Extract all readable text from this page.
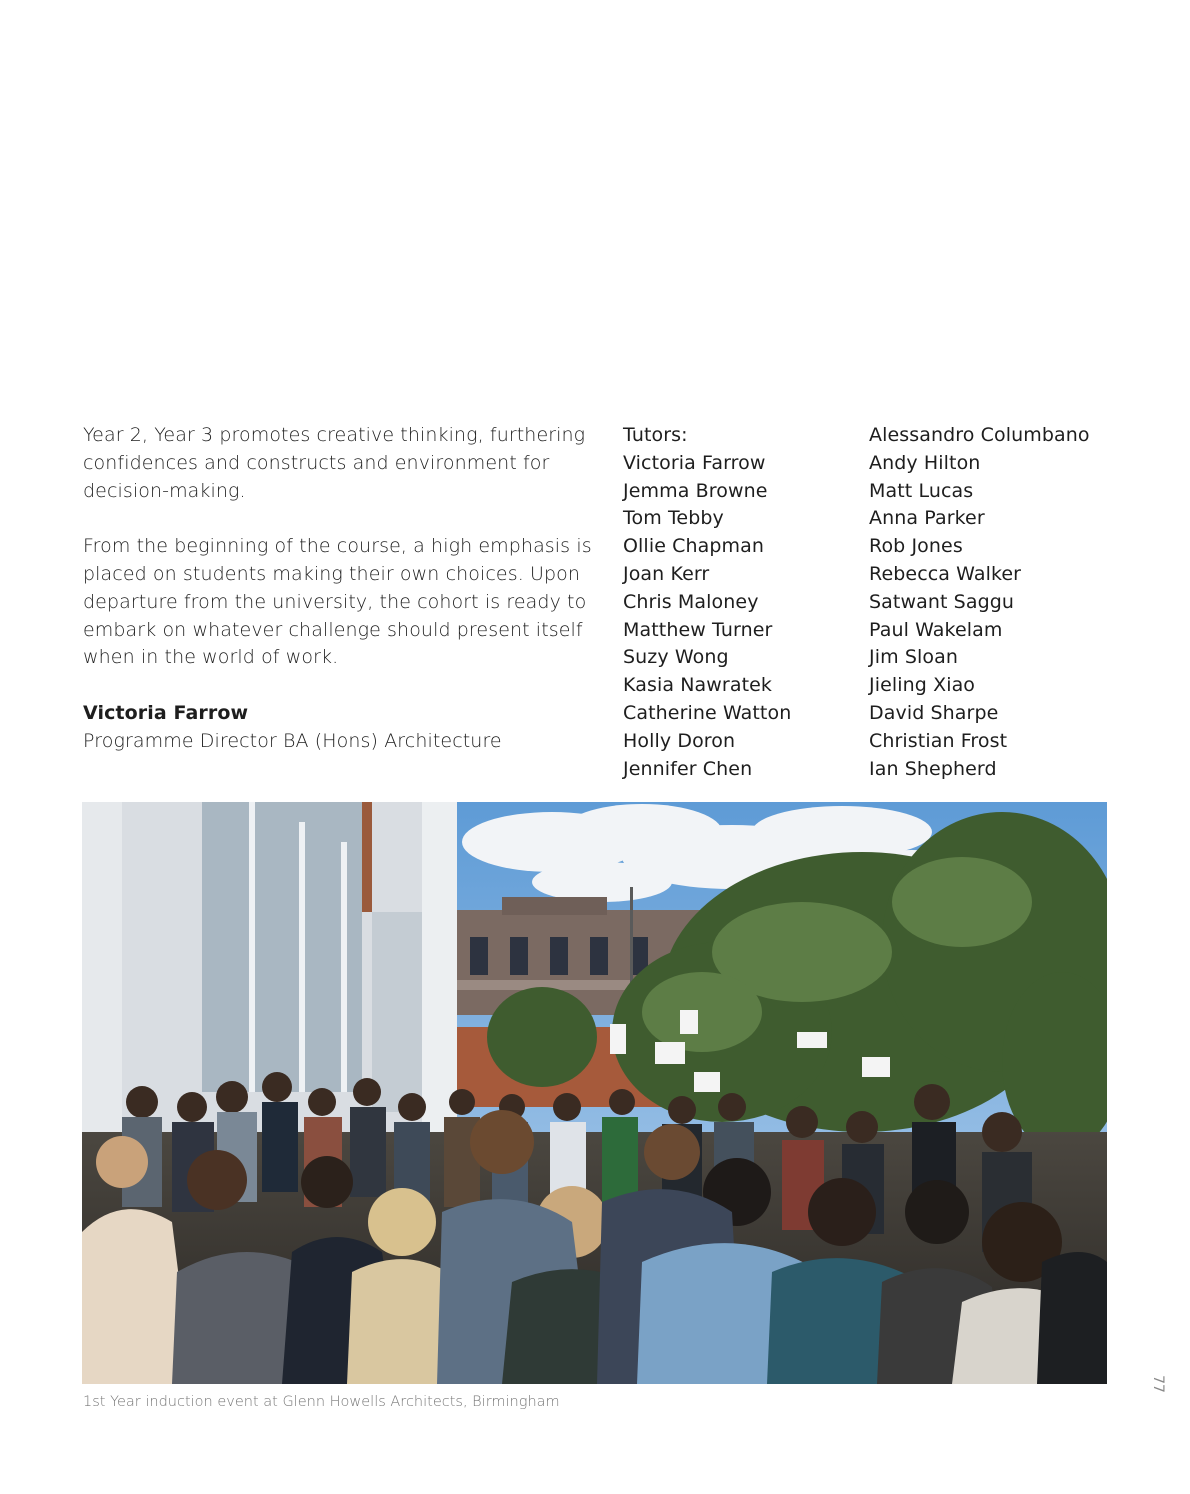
Year 2, Year 3 promotes creative thinking, furthering confidences and constructs and environment for decision-making.

From the beginning of the course, a high emphasis is placed on students making their own choices. Upon departure from the university, the cohort is ready to embark on whatever challenge should present itself when in the world of work.

Victoria Farrow
Programme Director BA (Hons) Architecture
Tutors:
Victoria Farrow
Jemma Browne
Tom Tebby
Ollie Chapman
Joan Kerr
Chris Maloney
Matthew Turner
Suzy Wong
Kasia Nawratek
Catherine Watton
Holly Doron
Jennifer Chen
Alessandro Columbano
Andy Hilton
Matt Lucas
Anna Parker
Rob Jones
Rebecca Walker
Satwant Saggu
Paul Wakelam
Jim Sloan
Jieling Xiao
David Sharpe
Christian Frost
Ian Shepherd
1st Year induction event at Glenn Howells Architects, Birmingham
77
